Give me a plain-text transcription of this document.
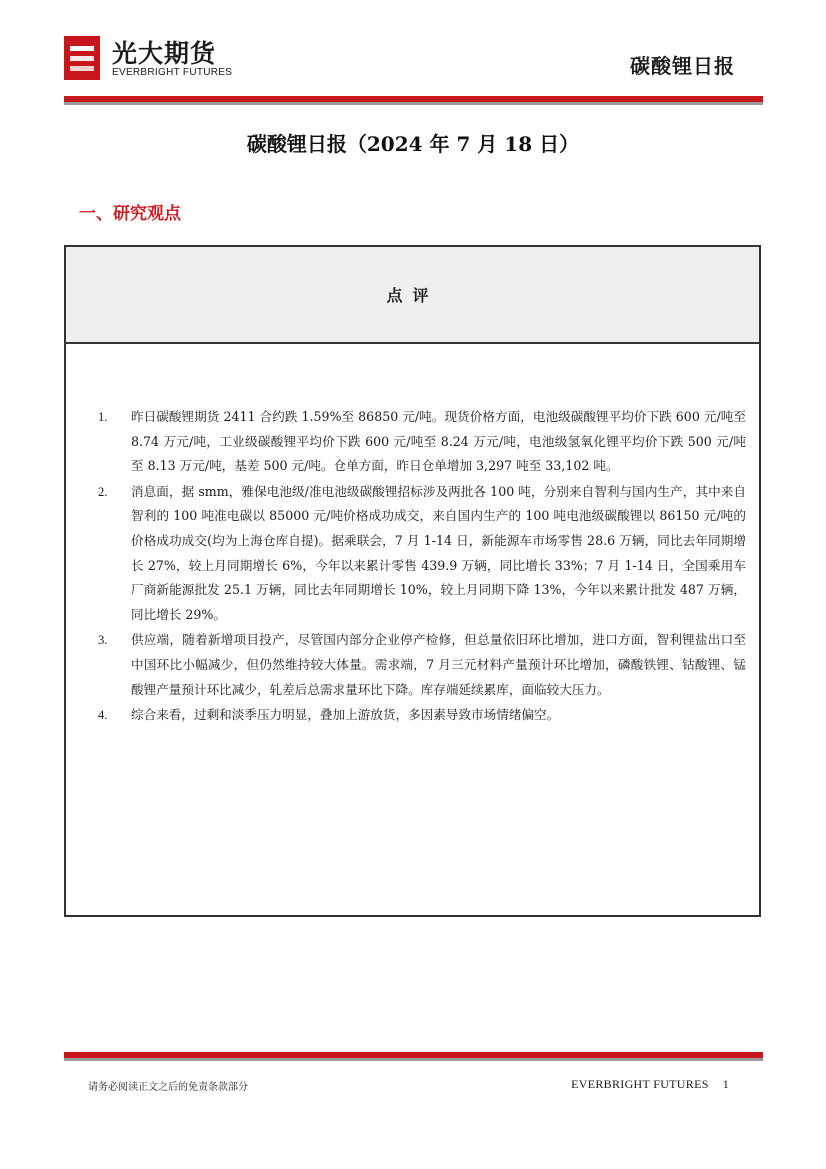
光大期货
EVERBRIGHT FUTURES	碳酸锂日报
碳酸锂日报（2024 年 7 月 18 日）
一、研究观点
点评
1.	昨日碳酸锂期货 2411 合约跌 1.59%至 86850 元/吨。现货价格方面，电池级碳酸锂平均价下跌 600 元/吨至 8.74 万元/吨，工业级碳酸锂平均价下跌 600 元/吨至 8.24 万元/吨，电池级氢氧化锂平均价下跌 500 元/吨至 8.13 万元/吨，基差 500 元/吨。仓单方面，昨日仓单增加 3,297 吨至 33,102 吨。
2.	消息面，据 smm，雅保电池级/准电池级碳酸锂招标涉及两批各 100 吨，分别来自智利与国内生产，其中来自智利的 100 吨准电碳以 85000 元/吨价格成功成交，来自国内生产的 100 吨电池级碳酸锂以 86150 元/吨的价格成功成交(均为上海仓库自提)。据乘联会，7 月 1-14 日，新能源车市场零售 28.6 万辆，同比去年同期增长 27%，较上月同期增长 6%，今年以来累计零售 439.9 万辆，同比增长 33%；7 月 1-14 日，全国乘用车厂商新能源批发 25.1 万辆，同比去年同期增长 10%，较上月同期下降 13%，今年以来累计批发 487 万辆，同比增长 29%。
3.	供应端，随着新增项目投产，尽管国内部分企业停产检修，但总量依旧环比增加，进口方面，智利锂盐出口至中国环比小幅减少，但仍然维持较大体量。需求端，7 月三元材料产量预计环比增加，磷酸铁锂、钴酸锂、锰酸锂产量预计环比减少，轧差后总需求量环比下降。库存端延续累库，面临较大压力。
4.	综合来看，过剩和淡季压力明显，叠加上游放货，多因素导致市场情绪偏空。
请务必阅读正文之后的免责条款部分	EVERBRIGHT FUTURES 1
